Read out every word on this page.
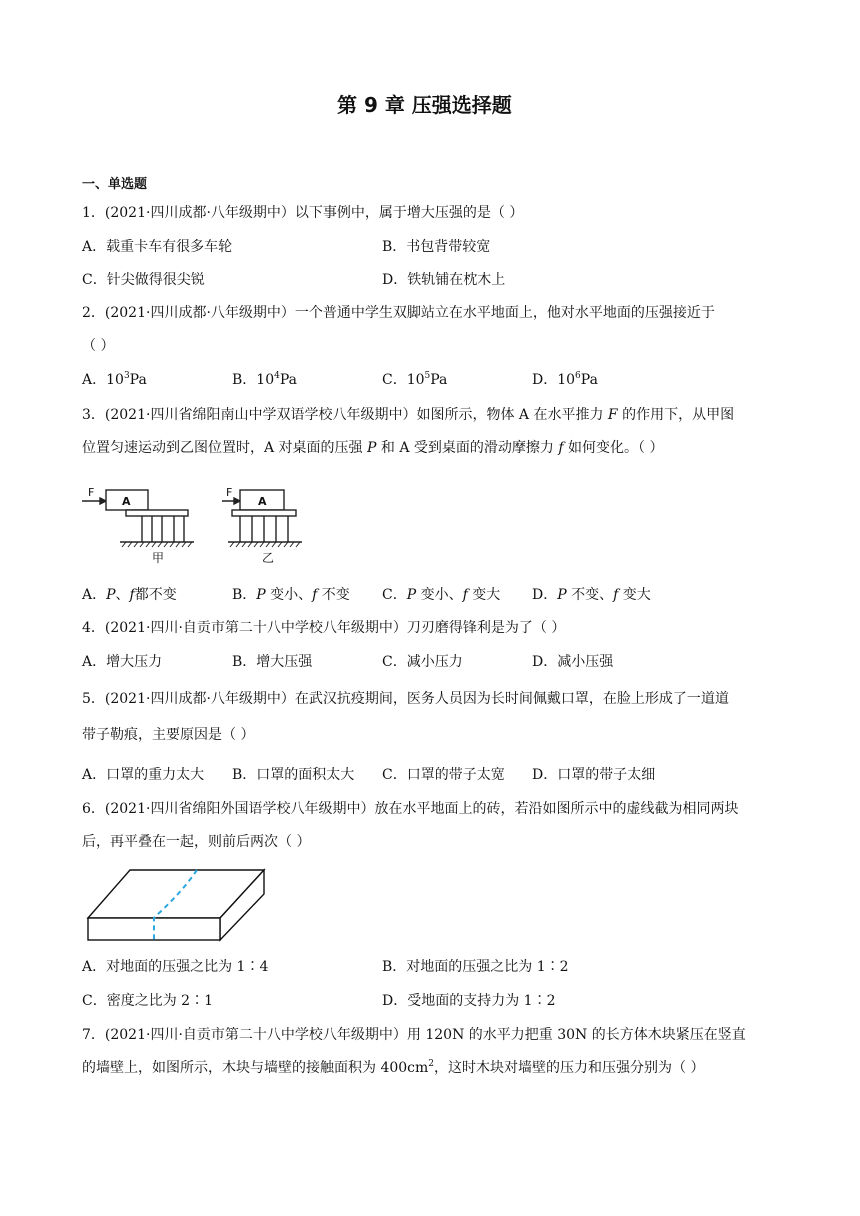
第 9 章 压强选择题
一、单选题
1．(2021·四川成都·八年级期中）以下事例中，属于增大压强的是（ ）
A．载重卡车有很多车轮	B．书包背带较宽
C．针尖做得很尖锐	D．铁轨铺在枕木上
2．(2021·四川成都·八年级期中）一个普通中学生双脚站立在水平地面上，他对水平地面的压强接近于
（ ）
A．$10^3Pa$	B．$10^4Pa$	C．$10^5Pa$	D．$10^6Pa$
3．(2021·四川省绵阳南山中学双语学校八年级期中）如图所示，物体 A 在水平推力 F 的作用下，从甲图
位置匀速运动到乙图位置时，A 对桌面的压强 P 和 A 受到桌面的滑动摩擦力 f 如何变化。（ ）
F
A
甲
F
A
乙
A．P、f都不变	B．P 变小、f 不变 C．P 变小、f 变大 D．P 不变、f 变大
4．(2021·四川·自贡市第二十八中学校八年级期中）刀刃磨得锋利是为了（ ）
A．增大压力	B．增大压强	C．减小压力	D．减小压强
5．(2021·四川成都·八年级期中）在武汉抗疫期间，医务人员因为长时间佩戴口罩，在脸上形成了一道道
带子勒痕，主要原因是（ ）
A．口罩的重力太大 B．口罩的面积太大 C．口罩的带子太宽 D．口罩的带子太细
6．(2021·四川省绵阳外国语学校八年级期中）放在水平地面上的砖，若沿如图所示中的虚线截为相同两块
后，再平叠在一起，则前后两次（ ）
A．对地面的压强之比为 1∶4	B．对地面的压强之比为 1∶2
C．密度之比为 2∶1	D．受地面的支持力为 1∶2
7．(2021·四川·自贡市第二十八中学校八年级期中）用 120N 的水平力把重 30N 的长方体木块紧压在竖直
的墙壁上，如图所示，木块与墙壁的接触面积为 $400cm^2$，这时木块对墙壁的压力和压强分别为（ ）
